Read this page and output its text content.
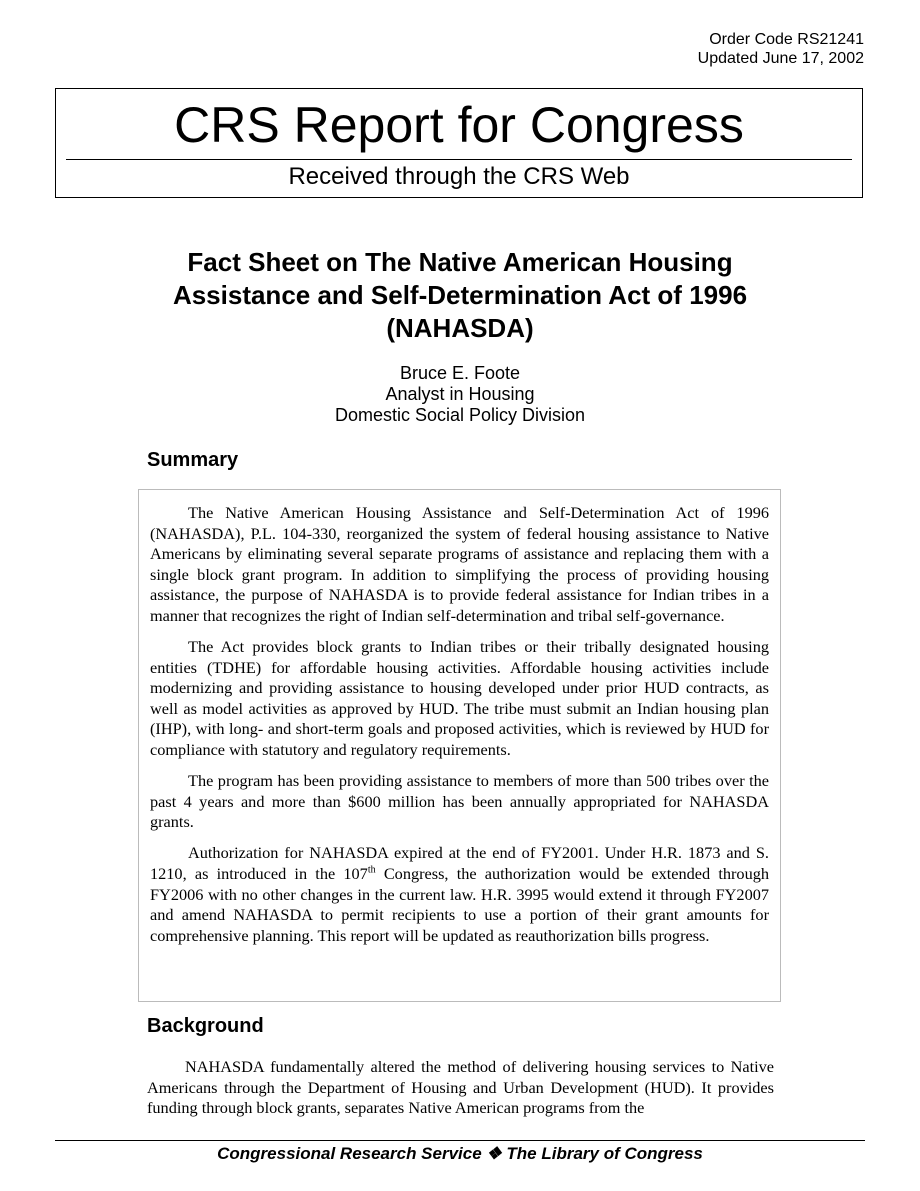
Order Code RS21241
Updated June 17, 2002
CRS Report for Congress
Received through the CRS Web
Fact Sheet on The Native American Housing Assistance and Self-Determination Act of 1996 (NAHASDA)
Bruce E. Foote
Analyst in Housing
Domestic Social Policy Division
Summary

The Native American Housing Assistance and Self-Determination Act of 1996 (NAHASDA), P.L. 104-330, reorganized the system of federal housing assistance to Native Americans by eliminating several separate programs of assistance and replacing them with a single block grant program. In addition to simplifying the process of providing housing assistance, the purpose of NAHASDA is to provide federal assistance for Indian tribes in a manner that recognizes the right of Indian self-determination and tribal self-governance.

The Act provides block grants to Indian tribes or their tribally designated housing entities (TDHE) for affordable housing activities. Affordable housing activities include modernizing and providing assistance to housing developed under prior HUD contracts, as well as model activities as approved by HUD. The tribe must submit an Indian housing plan (IHP), with long- and short-term goals and proposed activities, which is reviewed by HUD for compliance with statutory and regulatory requirements.

The program has been providing assistance to members of more than 500 tribes over the past 4 years and more than $600 million has been annually appropriated for NAHASDA grants.

Authorization for NAHASDA expired at the end of FY2001. Under H.R. 1873 and S. 1210, as introduced in the 107th Congress, the authorization would be extended through FY2006 with no other changes in the current law. H.R. 3995 would extend it through FY2007 and amend NAHASDA to permit recipients to use a portion of their grant amounts for comprehensive planning. This report will be updated as reauthorization bills progress.

Background

NAHASDA fundamentally altered the method of delivering housing services to Native Americans through the Department of Housing and Urban Development (HUD). It provides funding through block grants, separates Native American programs from the

Congressional Research Service ❖ The Library of Congress
